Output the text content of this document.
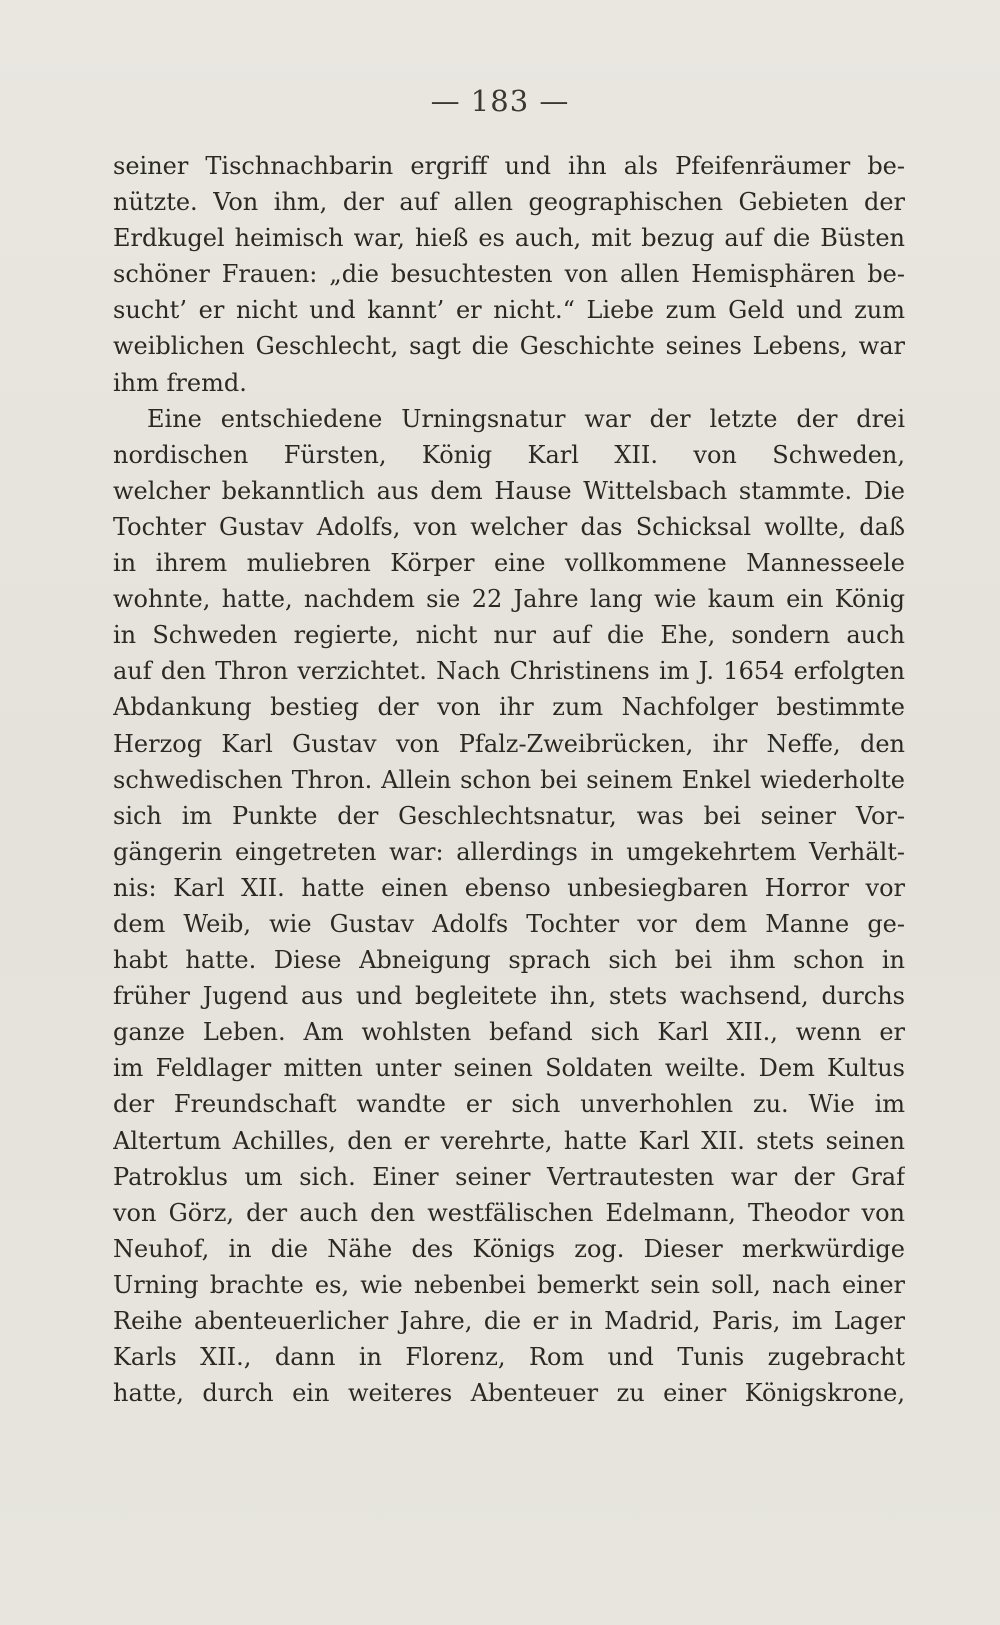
— 183 —
seiner Tischnachbarin ergriff und ihn als Pfeifenräumer be-
nützte. Von ihm, der auf allen geographischen Gebieten der
Erdkugel heimisch war, hieß es auch, mit bezug auf die Büsten
schöner Frauen: „die besuchtesten von allen Hemisphären be-
sucht’ er nicht und kannt’ er nicht.“ Liebe zum Geld und zum
weiblichen Geschlecht, sagt die Geschichte seines Lebens, war
ihm fremd.
Eine entschiedene Urningsnatur war der letzte der drei
nordischen Fürsten, König Karl XII. von Schweden,
welcher bekanntlich aus dem Hause Wittelsbach stammte. Die
Tochter Gustav Adolfs, von welcher das Schicksal wollte, daß
in ihrem muliebren Körper eine vollkommene Mannesseele
wohnte, hatte, nachdem sie 22 Jahre lang wie kaum ein König
in Schweden regierte, nicht nur auf die Ehe, sondern auch
auf den Thron verzichtet. Nach Christinens im J. 1654 erfolgten
Abdankung bestieg der von ihr zum Nachfolger bestimmte
Herzog Karl Gustav von Pfalz-Zweibrücken, ihr Neffe, den
schwedischen Thron. Allein schon bei seinem Enkel wiederholte
sich im Punkte der Geschlechtsnatur, was bei seiner Vor-
gängerin eingetreten war: allerdings in umgekehrtem Verhält-
nis: Karl XII. hatte einen ebenso unbesiegbaren Horror vor
dem Weib, wie Gustav Adolfs Tochter vor dem Manne ge-
habt hatte. Diese Abneigung sprach sich bei ihm schon in
früher Jugend aus und begleitete ihn, stets wachsend, durchs
ganze Leben. Am wohlsten befand sich Karl XII., wenn er
im Feldlager mitten unter seinen Soldaten weilte. Dem Kultus
der Freundschaft wandte er sich unverhohlen zu. Wie im
Altertum Achilles, den er verehrte, hatte Karl XII. stets seinen
Patroklus um sich. Einer seiner Vertrautesten war der Graf
von Görz, der auch den westfälischen Edelmann, Theodor von
Neuhof, in die Nähe des Königs zog. Dieser merkwürdige
Urning brachte es, wie nebenbei bemerkt sein soll, nach einer
Reihe abenteuerlicher Jahre, die er in Madrid, Paris, im Lager
Karls XII., dann in Florenz, Rom und Tunis zugebracht
hatte, durch ein weiteres Abenteuer zu einer Königskrone,
